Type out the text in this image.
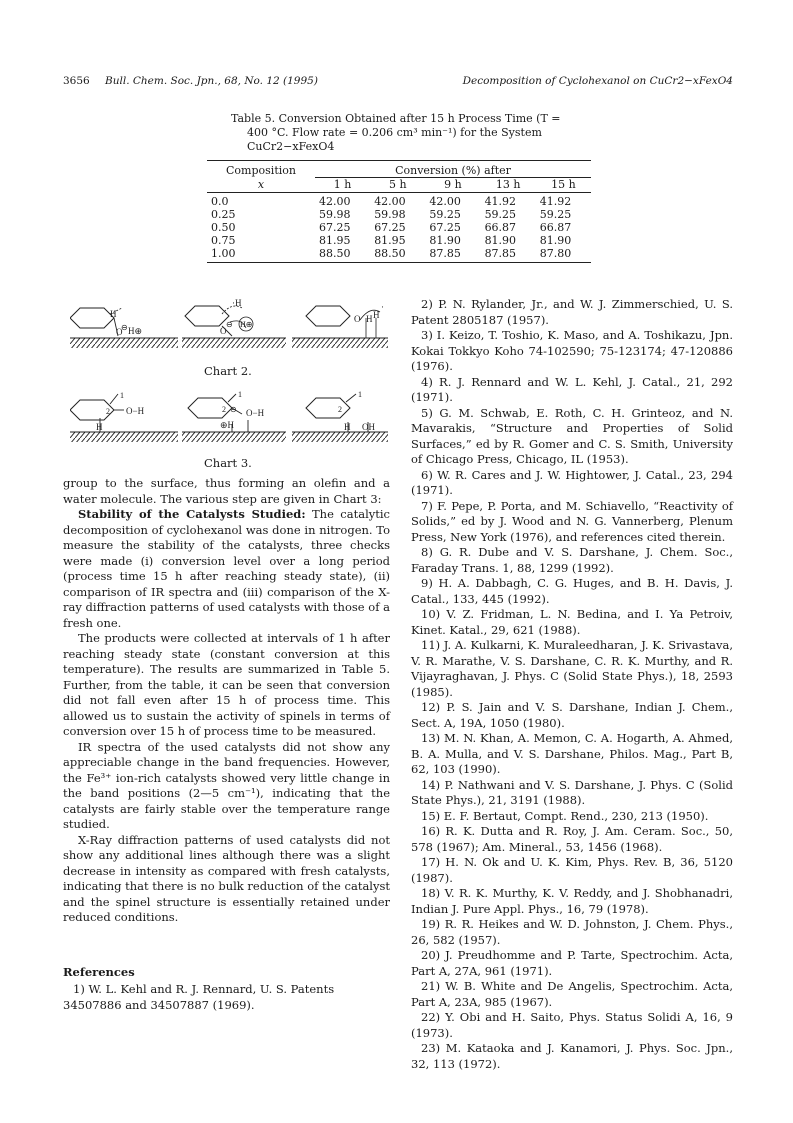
3656 Bull. Chem. Soc. Jpn., 68, No. 12 (1995)	Decomposition of Cyclohexanol on CuCr2−xFexO4
Table 5. Conversion Obtained after 15 h Process Time (T =
400 °C. Flow rate = 0.206 cm³ min⁻¹) for the System
CuCr2−xFexO4
Composition	Conversion (%) after				
x	1 h	5 h	9 h	13 h	15 h
0.0	42.00	42.00	42.00	41.92	41.92
0.25	59.98	59.98	59.25	59.25	59.25
0.50	67.25	67.25	67.25	66.87	66.87
0.75	81.95	81.95	81.90	81.90	81.90
1.00	88.50	88.50	87.85	87.85	87.80
H
O
⊖ H⊕
·H
O
⊖ H⊕
O H H
·
Chart 2.
1
2 O−H
H
1
2 ⊖ O−H
⊕H
1
2
H OH
Chart 3.

group to the surface, thus forming an olefin and a water molecule. The various step are given in Chart 3:

Stability of the Catalysts Studied: The catalytic decomposition of cyclohexanol was done in nitrogen. To measure the stability of the catalysts, three checks were made (i) conversion level over a long period (process time 15 h after reaching steady state), (ii) comparison of IR spectra and (iii) comparison of the X-ray diffraction patterns of used catalysts with those of a fresh one.

The products were collected at intervals of 1 h after reaching steady state (constant conversion at this temperature). The results are summarized in Table 5. Further, from the table, it can be seen that conversion did not fall even after 15 h of process time. This allowed us to sustain the activity of spinels in terms of conversion over 15 h of process time to be measured.

IR spectra of the used catalysts did not show any appreciable change in the band frequencies. However, the Fe³⁺ ion-rich catalysts showed very little change in the band positions (2—5 cm⁻¹), indicating that the catalysts are fairly stable over the temperature range studied.

X-Ray diffraction patterns of used catalysts did not show any additional lines although there was a slight decrease in intensity as compared with fresh catalysts, indicating that there is no bulk reduction of the catalyst and the spinel structure is essentially retained under reduced conditions.

References
1) W. L. Kehl and R. J. Rennard, U. S. Patents 34507886 and 34507887 (1969).

2) P. N. Rylander, Jr., and W. J. Zimmerschied, U. S. Patent 2805187 (1957).

3) I. Keizo, T. Toshio, K. Maso, and A. Toshikazu, Jpn. Kokai Tokkyo Koho 74-102590; 75-123174; 47-120886 (1976).

4) R. J. Rennard and W. L. Kehl, J. Catal., 21, 292 (1971).

5) G. M. Schwab, E. Roth, C. H. Grinteoz, and N. Mavarakis, “Structure and Properties of Solid Surfaces,” ed by R. Gomer and C. S. Smith, University of Chicago Press, Chicago, IL (1953).

6) W. R. Cares and J. W. Hightower, J. Catal., 23, 294 (1971).

7) F. Pepe, P. Porta, and M. Schiavello, “Reactivity of Solids,” ed by J. Wood and N. G. Vannerberg, Plenum Press, New York (1976), and references cited therein.

8) G. R. Dube and V. S. Darshane, J. Chem. Soc., Faraday Trans. 1, 88, 1299 (1992).

9) H. A. Dabbagh, C. G. Huges, and B. H. Davis, J. Catal., 133, 445 (1992).

10) V. Z. Fridman, L. N. Bedina, and I. Ya Petroiv, Kinet. Katal., 29, 621 (1988).

11) J. A. Kulkarni, K. Muraleedharan, J. K. Srivastava, V. R. Marathe, V. S. Darshane, C. R. K. Murthy, and R. Vijayraghavan, J. Phys. C (Solid State Phys.), 18, 2593 (1985).

12) P. S. Jain and V. S. Darshane, Indian J. Chem., Sect. A, 19A, 1050 (1980).

13) M. N. Khan, A. Memon, C. A. Hogarth, A. Ahmed, B. A. Mulla, and V. S. Darshane, Philos. Mag., Part B, 62, 103 (1990).

14) P. Nathwani and V. S. Darshane, J. Phys. C (Solid State Phys.), 21, 3191 (1988).

15) E. F. Bertaut, Compt. Rend., 230, 213 (1950).

16) R. K. Dutta and R. Roy, J. Am. Ceram. Soc., 50, 578 (1967); Am. Mineral., 53, 1456 (1968).

17) H. N. Ok and U. K. Kim, Phys. Rev. B, 36, 5120 (1987).

18) V. R. K. Murthy, K. V. Reddy, and J. Shobhanadri, Indian J. Pure Appl. Phys., 16, 79 (1978).

19) R. R. Heikes and W. D. Johnston, J. Chem. Phys., 26, 582 (1957).

20) J. Preudhomme and P. Tarte, Spectrochim. Acta, Part A, 27A, 961 (1971).

21) W. B. White and De Angelis, Spectrochim. Acta, Part A, 23A, 985 (1967).

22) Y. Obi and H. Saito, Phys. Status Solidi A, 16, 9 (1973).

23) M. Kataoka and J. Kanamori, J. Phys. Soc. Jpn., 32, 113 (1972).
